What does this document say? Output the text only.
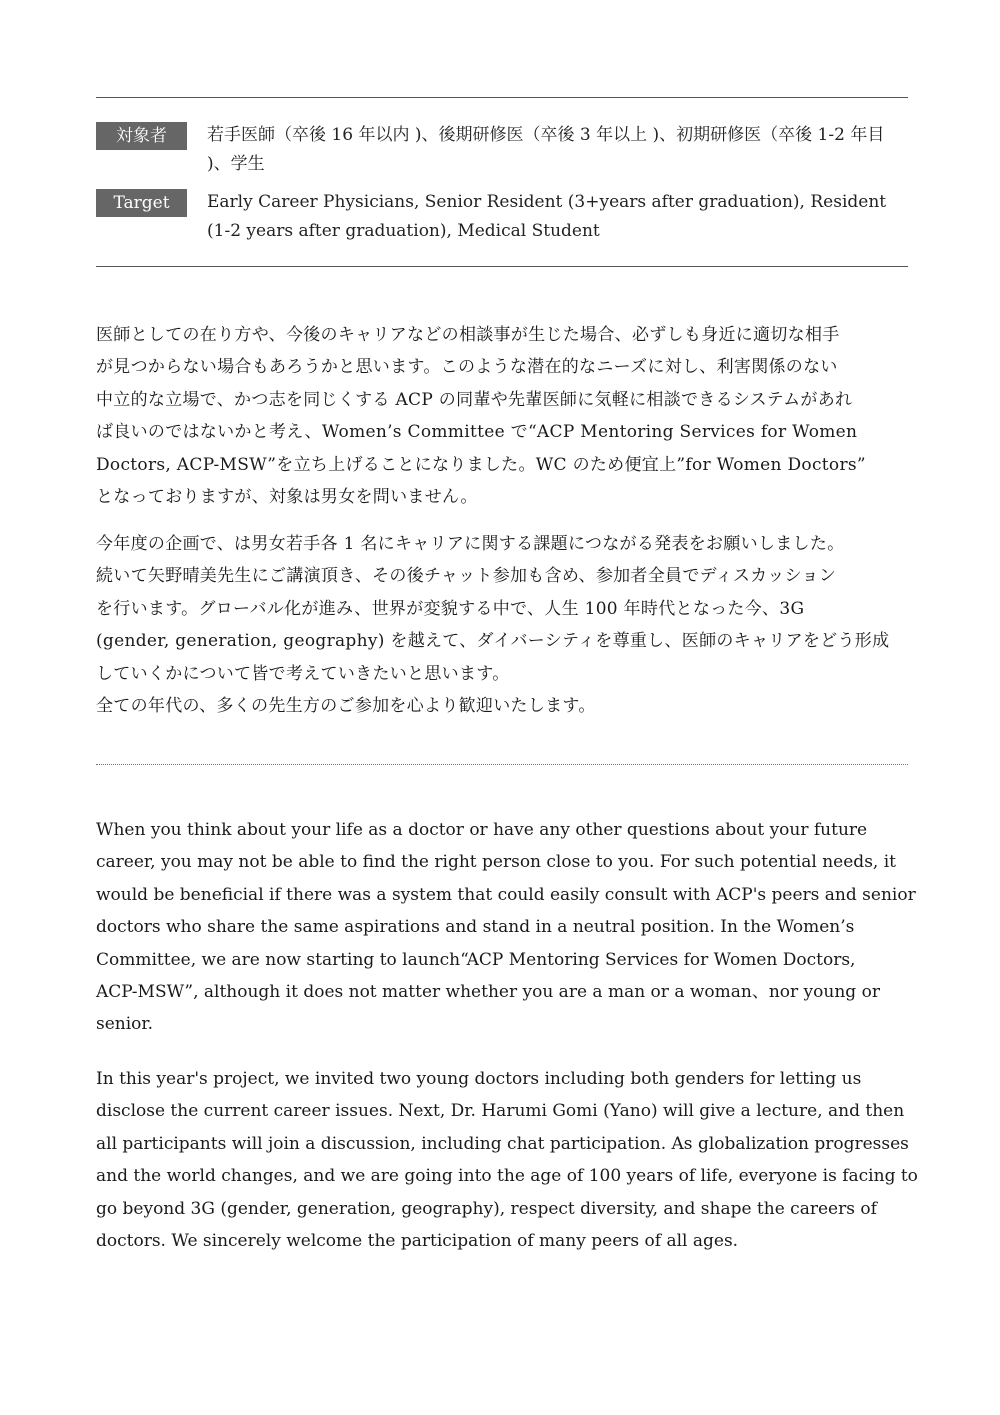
対象者	若手医師（卒後 16 年以内 )、後期研修医（卒後 3 年以上 )、初期研修医（卒後 1-2 年目 )、学生
Target	Early Career Physicians, Senior Resident (3+years after graduation), Resident (1-2 years after graduation), Medical Student
医師としての在り方や、今後のキャリアなどの相談事が生じた場合、必ずしも身近に適切な相手
が見つからない場合もあろうかと思います。このような潜在的なニーズに対し、利害関係のない
中立的な立場で、かつ志を同じくする ACP の同輩や先輩医師に気軽に相談できるシステムがあれ
ば良いのではないかと考え、Women’s Committee で“ACP Mentoring Services for Women
Doctors, ACP-MSW”を立ち上げることになりました。WC のため便宜上”for Women Doctors”
となっておりますが、対象は男女を問いません。
今年度の企画で、は男女若手各 1 名にキャリアに関する課題につながる発表をお願いしました。
続いて矢野晴美先生にご講演頂き、その後チャット参加も含め、参加者全員でディスカッション
を行います。グローバル化が進み、世界が変貌する中で、人生 100 年時代となった今、3G
(gender, generation, geography) を越えて、ダイバーシティを尊重し、医師のキャリアをどう形成
していくかについて皆で考えていきたいと思います。
全ての年代の、多くの先生方のご参加を心より歓迎いたします。
When you think about your life as a doctor or have any other questions about your future
career, you may not be able to find the right person close to you. For such potential needs, it
would be beneficial if there was a system that could easily consult with ACP's peers and senior
doctors who share the same aspirations and stand in a neutral position. In the Women’s
Committee, we are now starting to launch“ACP Mentoring Services for Women Doctors,
ACP-MSW”, although it does not matter whether you are a man or a woman、nor young or
senior.
In this year's project, we invited two young doctors including both genders for letting us
disclose the current career issues. Next, Dr. Harumi Gomi (Yano) will give a lecture, and then
all participants will join a discussion, including chat participation. As globalization progresses
and the world changes, and we are going into the age of 100 years of life, everyone is facing to
go beyond 3G (gender, generation, geography), respect diversity, and shape the careers of
doctors. We sincerely welcome the participation of many peers of all ages.
